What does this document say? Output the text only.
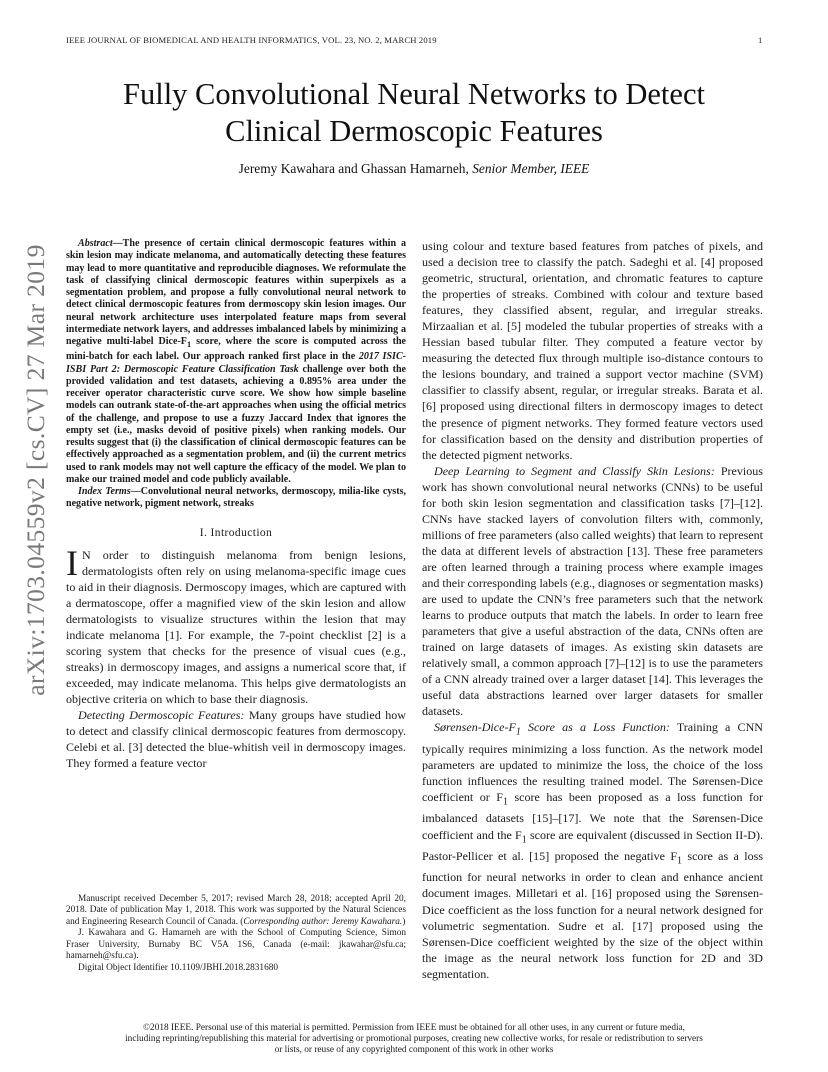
IEEE JOURNAL OF BIOMEDICAL AND HEALTH INFORMATICS, VOL. 23, NO. 2, MARCH 2019	1
arXiv:1703.04559v2 [cs.CV] 27 Mar 2019
Fully Convolutional Neural Networks to Detect
Clinical Dermoscopic Features
Jeremy Kawahara and Ghassan Hamarneh, Senior Member, IEEE

Abstract—The presence of certain clinical dermoscopic features within a skin lesion may indicate melanoma, and automatically detecting these features may lead to more quantitative and reproducible diagnoses. We reformulate the task of classifying clinical dermoscopic features within superpixels as a segmentation problem, and propose a fully convolutional neural network to detect clinical dermoscopic features from dermoscopy skin lesion images. Our neural network architecture uses interpolated feature maps from several intermediate network layers, and addresses imbalanced labels by minimizing a negative multi-label Dice-$F_1$ score, where the score is computed across the mini-batch for each label. Our approach ranked first place in the 2017 ISIC-ISBI Part 2: Dermoscopic Feature Classification Task challenge over both the provided validation and test datasets, achieving a 0.895% area under the receiver operator characteristic curve score. We show how simple baseline models can outrank state-of-the-art approaches when using the official metrics of the challenge, and propose to use a fuzzy Jaccard Index that ignores the empty set (i.e., masks devoid of positive pixels) when ranking models. Our results suggest that (i) the classification of clinical dermoscopic features can be effectively approached as a segmentation problem, and (ii) the current metrics used to rank models may not well capture the efficacy of the model. We plan to make our trained model and code publicly available.

Index Terms—Convolutional neural networks, dermoscopy, milia-like cysts, negative network, pigment network, streaks

I. Introduction

I N order to distinguish melanoma from benign lesions, dermatologists often rely on using melanoma-specific image cues to aid in their diagnosis. Dermoscopy images, which are captured with a dermatoscope, offer a magnified view of the skin lesion and allow dermatologists to visualize structures within the lesion that may indicate melanoma [1]. For example, the 7-point checklist [2] is a scoring system that checks for the presence of visual cues (e.g., streaks) in dermoscopy images, and assigns a numerical score that, if exceeded, may indicate melanoma. This helps give dermatologists an objective criteria on which to base their diagnosis.

Detecting Dermoscopic Features: Many groups have studied how to detect and classify clinical dermoscopic features from dermoscopy. Celebi et al. [3] detected the blue-whitish veil in dermoscopy images. They formed a feature vector

using colour and texture based features from patches of pixels, and used a decision tree to classify the patch. Sadeghi et al. [4] proposed geometric, structural, orientation, and chromatic features to capture the properties of streaks. Combined with colour and texture based features, they classified absent, regular, and irregular streaks. Mirzaalian et al. [5] modeled the tubular properties of streaks with a Hessian based tubular filter. They computed a feature vector by measuring the detected flux through multiple iso-distance contours to the lesions boundary, and trained a support vector machine (SVM) classifier to classify absent, regular, or irregular streaks. Barata et al. [6] proposed using directional filters in dermoscopy images to detect the presence of pigment networks. They formed feature vectors used for classification based on the density and distribution properties of the detected pigment networks.

Deep Learning to Segment and Classify Skin Lesions: Previous work has shown convolutional neural networks (CNNs) to be useful for both skin lesion segmentation and classification tasks [7]–[12]. CNNs have stacked layers of convolution filters with, commonly, millions of free parameters (also called weights) that learn to represent the data at different levels of abstraction [13]. These free parameters are often learned through a training process where example images and their corresponding labels (e.g., diagnoses or segmentation masks) are used to update the CNN’s free parameters such that the network learns to produce outputs that match the labels. In order to learn free parameters that give a useful abstraction of the data, CNNs often are trained on large datasets of images. As existing skin datasets are relatively small, a common approach [7]–[12] is to use the parameters of a CNN already trained over a larger dataset [14]. This leverages the useful data abstractions learned over larger datasets for smaller datasets.

Sørensen-$Dice-F_1$ Score as a Loss Function: Training a CNN typically requires minimizing a loss function. As the network model parameters are updated to minimize the loss, the choice of the loss function influences the resulting trained model. The Sørensen-Dice coefficient or $F_1$ score has been proposed as a loss function for imbalanced datasets [15]–[17]. We note that the Sørensen-Dice coefficient and the $F_1$ score are equivalent (discussed in Section II-D). Pastor-Pellicer et al. [15] proposed the negative $F_1$ score as a loss function for neural networks in order to clean and enhance ancient document images. Milletari et al. [16] proposed using the Sørensen-Dice coefficient as the loss function for a neural network designed for volumetric segmentation. Sudre et al. [17] proposed using the Sørensen-Dice coefficient weighted by the size of the object within the image as the neural network loss function for 2D and 3D segmentation.

Manuscript received December 5, 2017; revised March 28, 2018; accepted April 20, 2018. Date of publication May 1, 2018. This work was supported by the Natural Sciences and Engineering Research Council of Canada. (Corresponding author: Jeremy Kawahara.)

J. Kawahara and G. Hamarneh are with the School of Computing Science, Simon Fraser University, Burnaby BC V5A 1S6, Canada (e-mail: jkawahar@sfu.ca; hamarneh@sfu.ca).

Digital Object Identifier 10.1109/JBHI.2018.2831680

©2018 IEEE. Personal use of this material is permitted. Permission from IEEE must be obtained for all other uses, in any current or future media,
including reprinting/republishing this material for advertising or promotional purposes, creating new collective works, for resale or redistribution to servers
or lists, or reuse of any copyrighted component of this work in other works
